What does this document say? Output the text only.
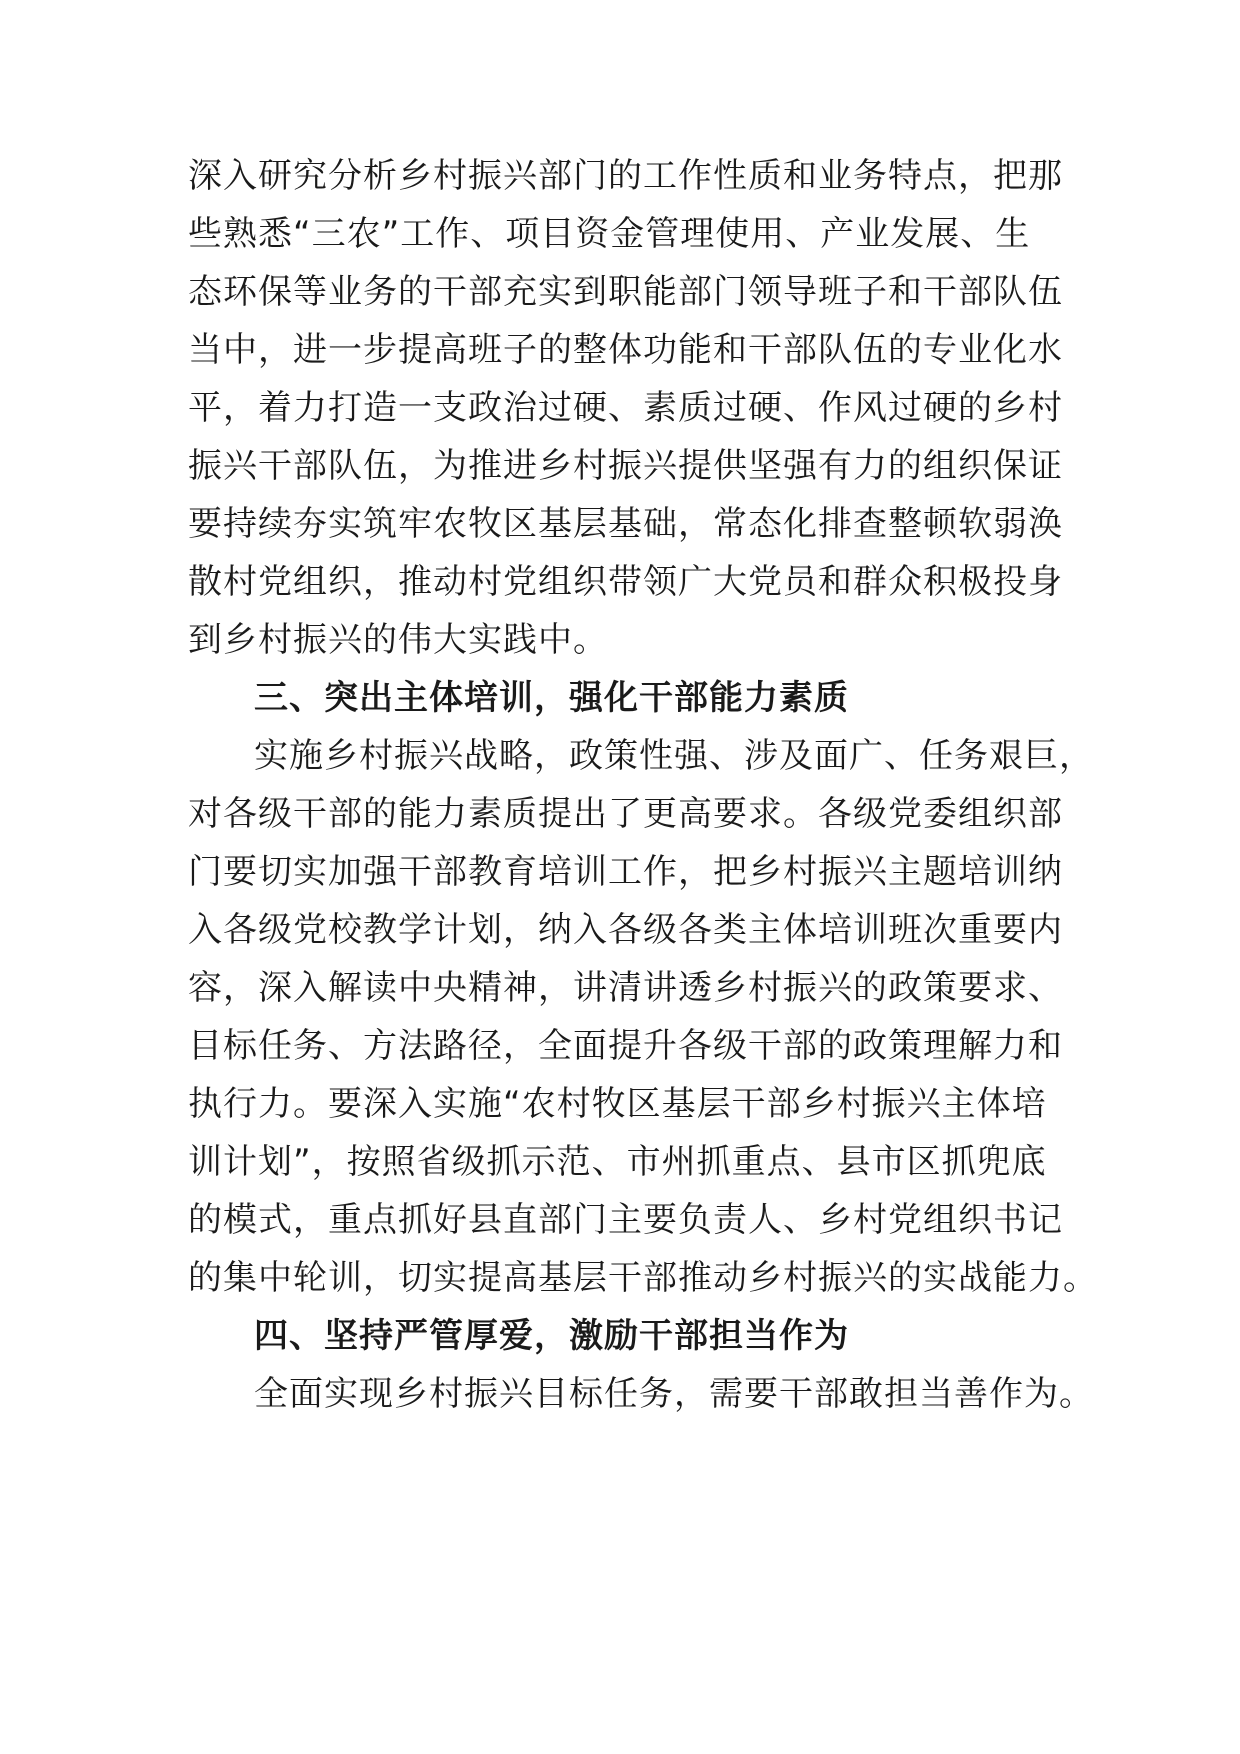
深入研究分析乡村振兴部门的工作性质和业务特点，把那
些熟悉“三农”工作、项目资金管理使用、产业发展、生
态环保等业务的干部充实到职能部门领导班子和干部队伍
当中，进一步提高班子的整体功能和干部队伍的专业化水
平，着力打造一支政治过硬、素质过硬、作风过硬的乡村
振兴干部队伍，为推进乡村振兴提供坚强有力的组织保证
要持续夯实筑牢农牧区基层基础，常态化排查整顿软弱涣
散村党组织，推动村党组织带领广大党员和群众积极投身
到乡村振兴的伟大实践中。
三、突出主体培训，强化干部能力素质
实施乡村振兴战略，政策性强、涉及面广、任务艰巨，
对各级干部的能力素质提出了更高要求。各级党委组织部
门要切实加强干部教育培训工作，把乡村振兴主题培训纳
入各级党校教学计划，纳入各级各类主体培训班次重要内
容，深入解读中央精神，讲清讲透乡村振兴的政策要求、
目标任务、方法路径，全面提升各级干部的政策理解力和
执行力。要深入实施“农村牧区基层干部乡村振兴主体培
训计划”，按照省级抓示范、市州抓重点、县市区抓兜底
的模式，重点抓好县直部门主要负责人、乡村党组织书记
的集中轮训，切实提高基层干部推动乡村振兴的实战能力。
四、坚持严管厚爱，激励干部担当作为
全面实现乡村振兴目标任务，需要干部敢担当善作为。
